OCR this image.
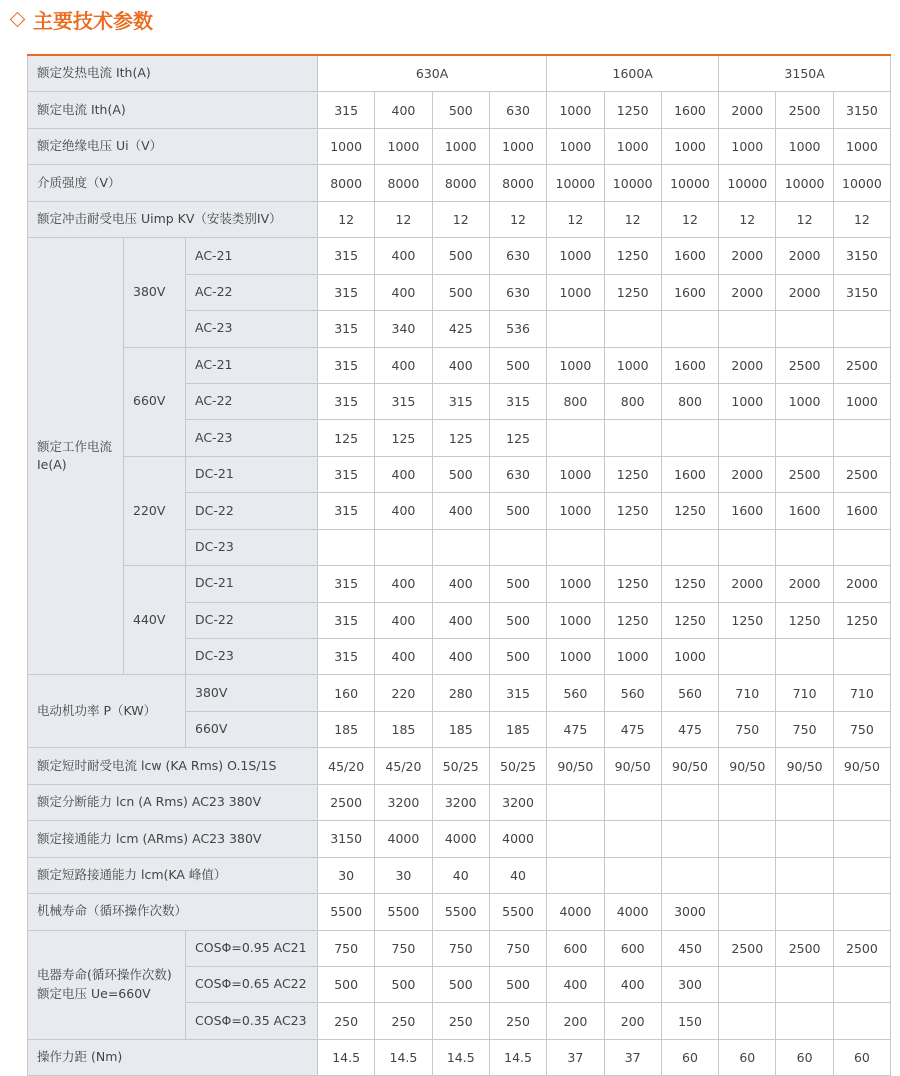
主要技术参数
额定发热电流 Ith(A)			630A				1600A			3150A		
额定电流 Ith(A)			315	400	500	630	1000	1250	1600	2000	2500	3150
额定绝缘电压 Ui（V）			1000	1000	1000	1000	1000	1000	1000	1000	1000	1000
介质强度（V）			8000	8000	8000	8000	10000	10000	10000	10000	10000	10000
额定冲击耐受电压 Uimp KV（安装类别IV）			12	12	12	12	12	12	12	12	12	12
额定工作电流 Ie(A)	380V	AC-21	315	400	500	630	1000	1250	1600	2000	2000	3150
		AC-22	315	400	500	630	1000	1250	1600	2000	2000	3150
		AC-23	315	340	425	536						
	660V	AC-21	315	400	400	500	1000	1000	1600	2000	2500	2500
		AC-22	315	315	315	315	800	800	800	1000	1000	1000
		AC-23	125	125	125	125						
	220V	DC-21	315	400	500	630	1000	1250	1600	2000	2500	2500
		DC-22	315	400	400	500	1000	1250	1250	1600	1600	1600
		DC-23										
	440V	DC-21	315	400	400	500	1000	1250	1250	2000	2000	2000
		DC-22	315	400	400	500	1000	1250	1250	1250	1250	1250
		DC-23	315	400	400	500	1000	1000	1000			
电动机功率 P（KW）		380V	160	220	280	315	560	560	560	710	710	710
		660V	185	185	185	185	475	475	475	750	750	750
额定短时耐受电流 lcw (KA Rms) O.1S/1S			45/20	45/20	50/25	50/25	90/50	90/50	90/50	90/50	90/50	90/50
额定分断能力 lcn (A Rms) AC23 380V			2500	3200	3200	3200						
额定接通能力 lcm (ARms) AC23 380V			3150	4000	4000	4000						
额定短路接通能力 lcm(KA 峰值）			30	30	40	40						
机械寿命（循环操作次数）			5500	5500	5500	5500	4000	4000	3000			

电器寿命(循环操作次数)
额定电压 Ue=660V		COSΦ=0.95 AC21	750	750	750	750	600	600	450	2500	2500	2500
		COSΦ=0.65 AC22	500	500	500	500	400	400	300			
		COSΦ=0.35 AC23	250	250	250	250	200	200	150			
操作力距 (Nm)			14.5	14.5	14.5	14.5	37	37	60	60	60	60
